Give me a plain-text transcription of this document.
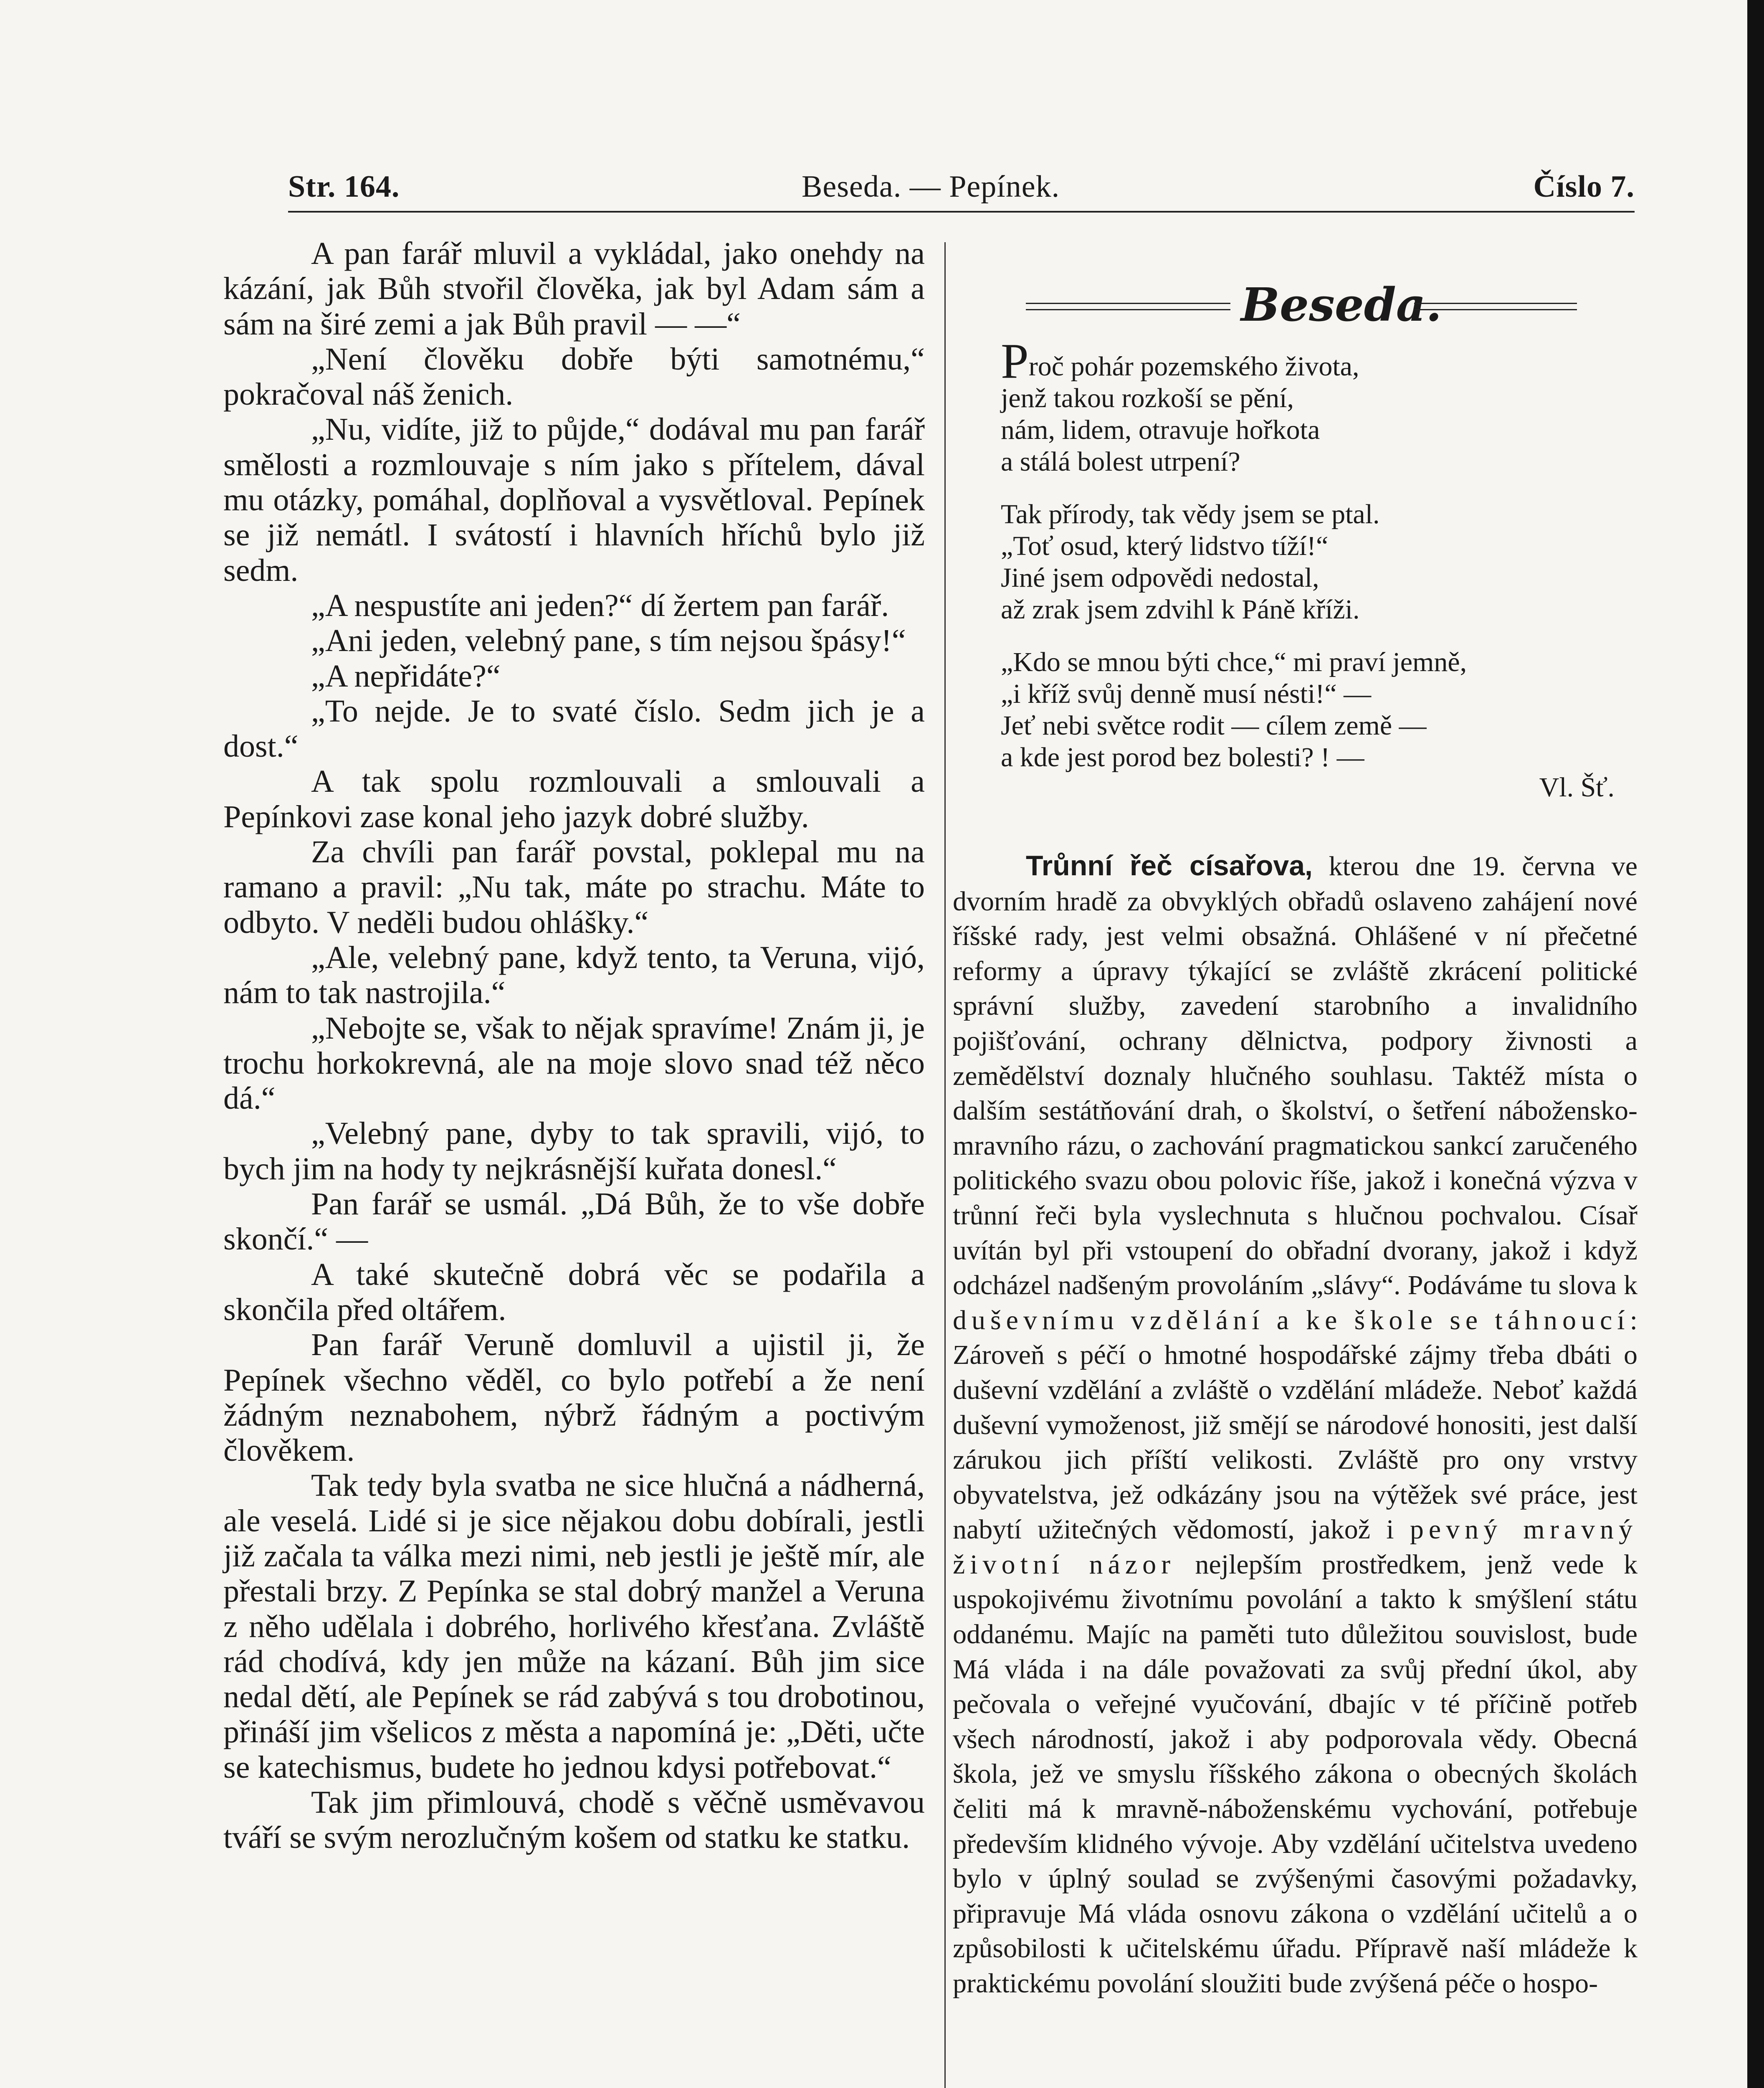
Str. 164.	Beseda. — Pepínek.	Číslo 7.

A pan farář mluvil a vykládal, jako onehdy na kázání, jak Bůh stvořil člověka, jak byl Adam sám a sám na širé zemi a jak Bůh pravil — —“

„Není člověku dobře býti samotnému,“ pokračoval náš ženich.

„Nu, vidíte, již to půjde,“ dodával mu pan farář smělosti a rozmlouvaje s ním jako s přítelem, dával mu otázky, pomáhal, doplňoval a vysvětloval. Pepínek se již nemátl. I svátostí i hlavních hříchů bylo již sedm.

„A nespustíte ani jeden?“ dí žertem pan farář.

„Ani jeden, velebný pane, s tím nejsou špásy!“

„A nepřidáte?“

„To nejde. Je to svaté číslo. Sedm jich je a dost.“

A tak spolu rozmlouvali a smlouvali a Pepínkovi zase konal jeho jazyk dobré služby.

Za chvíli pan farář povstal, poklepal mu na ramano a pravil: „Nu tak, máte po strachu. Máte to odbyto. V neděli budou ohlášky.“

„Ale, velebný pane, když tento, ta Veruna, vijó, nám to tak nastrojila.“

„Nebojte se, však to nějak spravíme! Znám ji, je trochu horkokrevná, ale na moje slovo snad též něco dá.“

„Velebný pane, dyby to tak spravili, vijó, to bych jim na hody ty nejkrásnější kuřata donesl.“

Pan farář se usmál. „Dá Bůh, že to vše dobře skončí.“ —

A také skutečně dobrá věc se podařila a skončila před oltářem.

Pan farář Veruně domluvil a ujistil ji, že Pepínek všechno věděl, co bylo potřebí a že není žádným neznabohem, nýbrž řádným a poctivým člověkem.

Tak tedy byla svatba ne sice hlučná a nádherná, ale veselá. Lidé si je sice nějakou dobu dobírali, jestli již začala ta válka mezi nimi, neb jestli je ještě mír, ale přestali brzy. Z Pepínka se stal dobrý manžel a Veruna z něho udělala i dobrého, horlivého křesťana. Zvláště rád chodívá, kdy jen může na kázaní. Bůh jim sice nedal dětí, ale Pepínek se rád zabývá s tou drobotinou, přináší jim všelicos z města a napomíná je: „Děti, učte se katechismus, budete ho jednou kdysi potřebovat.“

Tak jim přimlouvá, chodě s věčně usměvavou tváří se svým nerozlučným košem od statku ke statku.

Beseda.
Proč pohár pozemského života,
jenž takou rozkoší se pění,
nám, lidem, otravuje hořkota
a stálá bolest utrpení?
Tak přírody, tak vědy jsem se ptal.
„Toť osud, který lidstvo tíží!“
Jiné jsem odpovědi nedostal,
až zrak jsem zdvihl k Páně kříži.
„Kdo se mnou býti chce,“ mi praví jemně,
„i kříž svůj denně musí nésti!“ —
Jeť nebi světce rodit — cílem země —
a kde jest porod bez bolesti? ! —
Vl. Šť.

Trůnní řeč císařova, kterou dne 19. června ve dvorním hradě za obvyklých obřadů oslaveno zahájení nové říšské rady, jest velmi obsažná. Ohlášené v ní přečetné reformy a úpravy týkající se zvláště zkrácení politické správní služby, zavedení starobního a invalidního pojišťování, ochrany dělnictva, podpory živnosti a zemědělství doznaly hlučného souhlasu. Taktéž místa o dalším sestátňování drah, o školství, o šetření nábožensko-mravního rázu, o zachování pragmatickou sankcí zaručeného politického svazu obou polovic říše, jakož i konečná výzva v trůnní řeči byla vyslechnuta s hlučnou pochvalou. Císař uvítán byl při vstoupení do obřadní dvorany, jakož i když odcházel nadšeným provoláním „slávy“. Podáváme tu slova k duševnímu vzdělání a ke škole se táhnoucí: Zároveň s péčí o hmotné hospodářské zájmy třeba dbáti o duševní vzdělání a zvláště o vzdělání mládeže. Neboť každá duševní vymoženost, již smějí se národové honositi, jest další zárukou jich příští velikosti. Zvláště pro ony vrstvy obyvatelstva, jež odkázány jsou na výtěžek své práce, jest nabytí užitečných vědomostí, jakož i pevný mravný životní názor nejlepším prostředkem, jenž vede k uspokojivému životnímu povolání a takto k smýšlení státu oddanému. Majíc na paměti tuto důležitou souvislost, bude Má vláda i na dále považovati za svůj přední úkol, aby pečovala o veřejné vyučování, dbajíc v té příčině potřeb všech národností, jakož i aby podporovala vědy. Obecná škola, jež ve smyslu říšského zákona o obecných školách čeliti má k mravně-náboženskému vychování, potřebuje především klidného vývoje. Aby vzdělání učitelstva uvedeno bylo v úplný soulad se zvýšenými časovými požadavky, připravuje Má vláda osnovu zákona o vzdělání učitelů a o způsobilosti k učitelskému úřadu. Přípravě naší mládeže k praktickému povolání sloužiti bude zvýšená péče o hospo-
